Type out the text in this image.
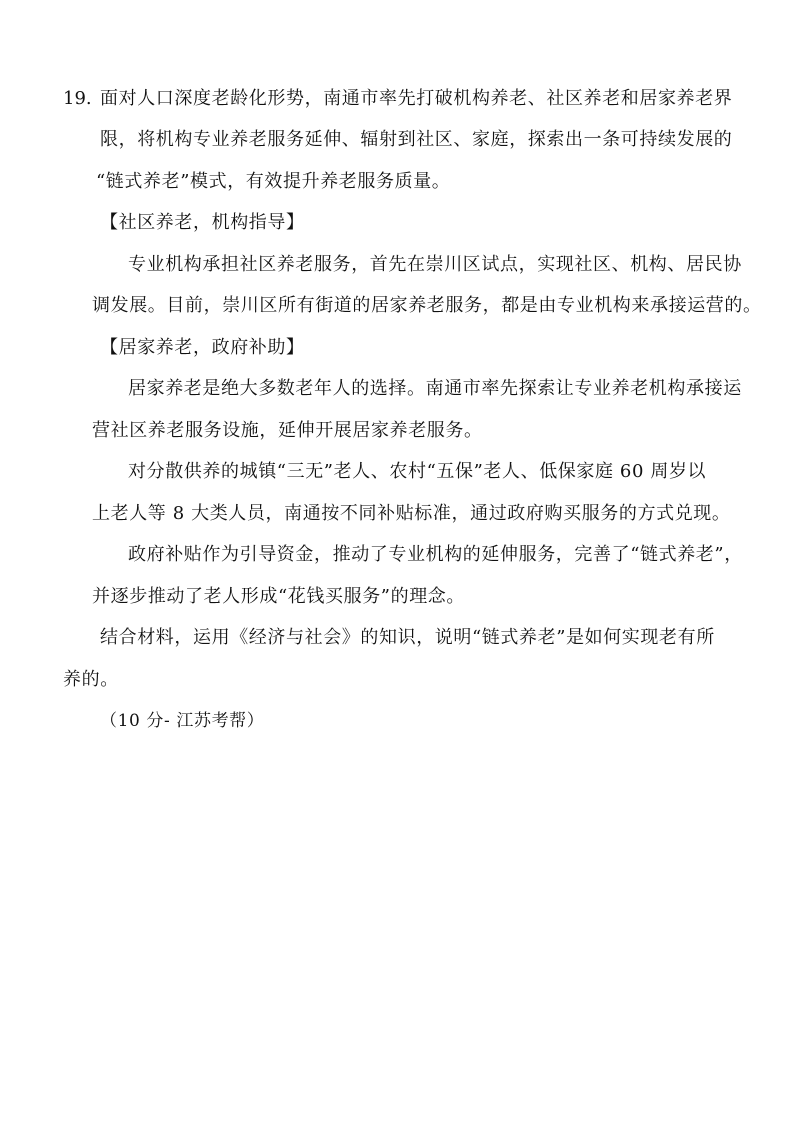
19. 面对人口深度老龄化形势，南通市率先打破机构养老、社区养老和居家养老界
限，将机构专业养老服务延伸、辐射到社区、家庭，探索出一条可持续发展的
“链式养老”模式，有效提升养老服务质量。
【社区养老，机构指导】
专业机构承担社区养老服务，首先在崇川区试点，实现社区、机构、居民协
调发展。目前，崇川区所有街道的居家养老服务，都是由专业机构来承接运营的。
【居家养老，政府补助】
居家养老是绝大多数老年人的选择。南通市率先探索让专业养老机构承接运
营社区养老服务设施，延伸开展居家养老服务。
对分散供养的城镇“三无”老人、农村“五保”老人、低保家庭 60 周岁以
上老人等 8 大类人员，南通按不同补贴标准，通过政府购买服务的方式兑现。
政府补贴作为引导资金，推动了专业机构的延伸服务，完善了“链式养老”，
并逐步推动了老人形成“花钱买服务”的理念。
结合材料，运用《经济与社会》的知识，说明“链式养老”是如何实现老有所
养的。
（10 分- 江苏考帮）
